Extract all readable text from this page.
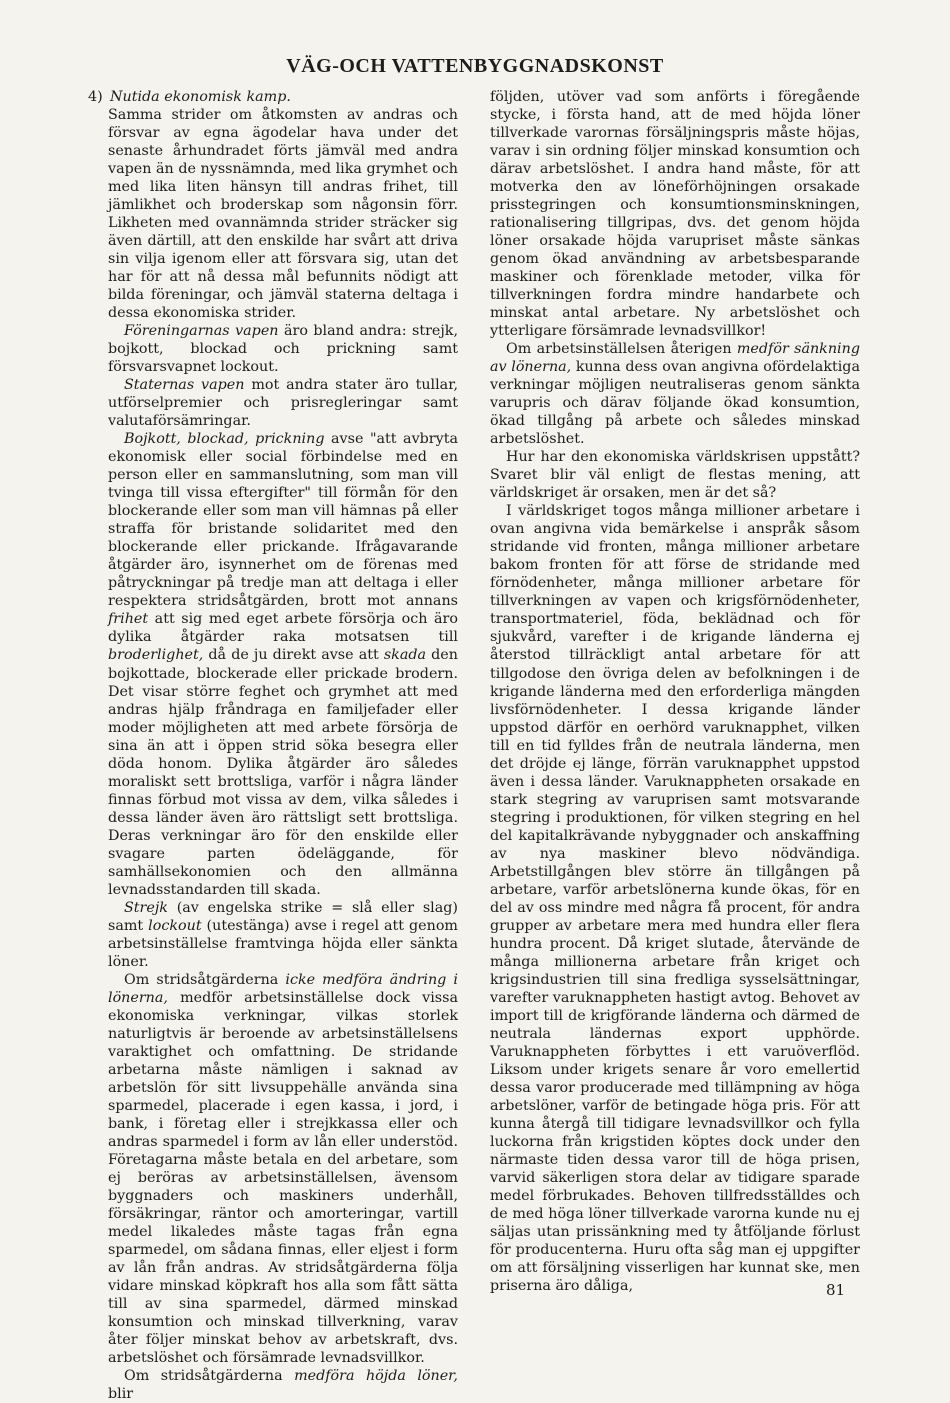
VÄG-OCH VATTENBYGGNADSKONST
4) Nutida ekonomisk kamp.

Samma strider om åtkomsten av andras och försvar av egna ägodelar hava under det senaste århundradet förts jämväl med andra vapen än de nyssnämnda, med lika grymhet och med lika liten hänsyn till andras frihet, till jämlikhet och broderskap som någonsin förr. Likheten med ovannämnda strider sträcker sig även därtill, att den enskilde har svårt att driva sin vilja igenom eller att försvara sig, utan det har för att nå dessa mål befunnits nödigt att bilda föreningar, och jämväl staterna deltaga i dessa ekonomiska strider.

Föreningarnas vapen äro bland andra: strejk, bojkott, blockad och prickning samt försvarsvapnet lockout.

Staternas vapen mot andra stater äro tullar, utförselpremier och prisregleringar samt valutaförsämringar.

Bojkott, blockad, prickning avse "att avbryta ekonomisk eller social förbindelse med en person eller en sammanslutning, som man vill tvinga till vissa eftergifter" till förmån för den blockerande eller som man vill hämnas på eller straffa för bristande solidaritet med den blockerande eller prickande. Ifrågavarande åtgärder äro, isynnerhet om de förenas med påtryckningar på tredje man att deltaga i eller respektera stridsåtgärden, brott mot annans frihet att sig med eget arbete försörja och äro dylika åtgärder raka motsatsen till broderlighet, då de ju direkt avse att skada den bojkottade, blockerade eller prickade brodern. Det visar större feghet och grymhet att med andras hjälp fråndraga en familjefader eller moder möjligheten att med arbete försörja de sina än att i öppen strid söka besegra eller döda honom. Dylika åtgärder äro således moraliskt sett brottsliga, varför i några länder finnas förbud mot vissa av dem, vilka således i dessa länder även äro rättsligt sett brottsliga. Deras verkningar äro för den enskilde eller svagare parten ödeläggande, för samhällsekonomien och den allmänna levnadsstandarden till skada.

Strejk (av engelska strike = slå eller slag) samt lockout (utestänga) avse i regel att genom arbetsinställelse framtvinga höjda eller sänkta löner.

Om stridsåtgärderna icke medföra ändring i lönerna, medför arbetsinställelse dock vissa ekonomiska verkningar, vilkas storlek naturligtvis är beroende av arbetsinställelsens varaktighet och omfattning. De stridande arbetarna måste nämligen i saknad av arbetslön för sitt livsuppehälle använda sina sparmedel, placerade i egen kassa, i jord, i bank, i företag eller i strejkkassa eller och andras sparmedel i form av lån eller understöd. Företagarna måste betala en del arbetare, som ej beröras av arbetsinställelsen, ävensom byggnaders och maskiners underhåll, försäkringar, räntor och amorteringar, vartill medel likaledes måste tagas från egna sparmedel, om sådana finnas, eller eljest i form av lån från andras. Av stridsåtgärderna följa vidare minskad köpkraft hos alla som fått sätta till av sina sparmedel, därmed minskad konsumtion och minskad tillverkning, varav åter följer minskat behov av arbetskraft, dvs. arbetslöshet och försämrade levnadsvillkor.

Om stridsåtgärderna medföra höjda löner, blir

följden, utöver vad som anförts i föregående stycke, i första hand, att de med höjda löner tillverkade varornas försäljningspris måste höjas, varav i sin ordning följer minskad konsumtion och därav arbetslöshet. I andra hand måste, för att motverka den av löneförhöjningen orsakade prisstegringen och konsumtionsminskningen, rationalisering tillgripas, dvs. det genom höjda löner orsakade höjda varupriset måste sänkas genom ökad användning av arbetsbesparande maskiner och förenklade metoder, vilka för tillverkningen fordra mindre handarbete och minskat antal arbetare. Ny arbetslöshet och ytterligare försämrade levnadsvillkor!

Om arbetsinställelsen återigen medför sänkning av lönerna, kunna dess ovan angivna ofördelaktiga verkningar möjligen neutraliseras genom sänkta varupris och därav följande ökad konsumtion, ökad tillgång på arbete och således minskad arbetslöshet.

Hur har den ekonomiska världskrisen uppstått? Svaret blir väl enligt de flestas mening, att världskriget är orsaken, men är det så?

I världskriget togos många millioner arbetare i ovan angivna vida bemärkelse i anspråk såsom stridande vid fronten, många millioner arbetare bakom fronten för att förse de stridande med förnödenheter, många millioner arbetare för tillverkningen av vapen och krigsförnödenheter, transportmateriel, föda, beklädnad och för sjukvård, varefter i de krigande länderna ej återstod tillräckligt antal arbetare för att tillgodose den övriga delen av befolkningen i de krigande länderna med den erforderliga mängden livsförnödenheter. I dessa krigande länder uppstod därför en oerhörd varuknapphet, vilken till en tid fylldes från de neutrala länderna, men det dröjde ej länge, förrän varuknapphet uppstod även i dessa länder. Varuknappheten orsakade en stark stegring av varuprisen samt motsvarande stegring i produktionen, för vilken stegring en hel del kapitalkrävande nybyggnader och anskaffning av nya maskiner blevo nödvändiga. Arbetstillgången blev större än tillgången på arbetare, varför arbetslönerna kunde ökas, för en del av oss mindre med några få procent, för andra grupper av arbetare mera med hundra eller flera hundra procent. Då kriget slutade, återvände de många millionerna arbetare från kriget och krigsindustrien till sina fredliga sysselsättningar, varefter varuknappheten hastigt avtog. Behovet av import till de krigförande länderna och därmed de neutrala ländernas export upphörde. Varuknappheten förbyttes i ett varuöverflöd. Liksom under krigets senare år voro emellertid dessa varor producerade med tillämpning av höga arbetslöner, varför de betingade höga pris. För att kunna återgå till tidigare levnadsvillkor och fylla luckorna från krigstiden köptes dock under den närmaste tiden dessa varor till de höga prisen, varvid säkerligen stora delar av tidigare sparade medel förbrukades. Behoven tillfredsställdes och de med höga löner tillverkade varorna kunde nu ej säljas utan prissänkning med ty åtföljande förlust för producenterna. Huru ofta såg man ej uppgifter om att försäljning visserligen har kunnat ske, men priserna äro dåliga,	81
